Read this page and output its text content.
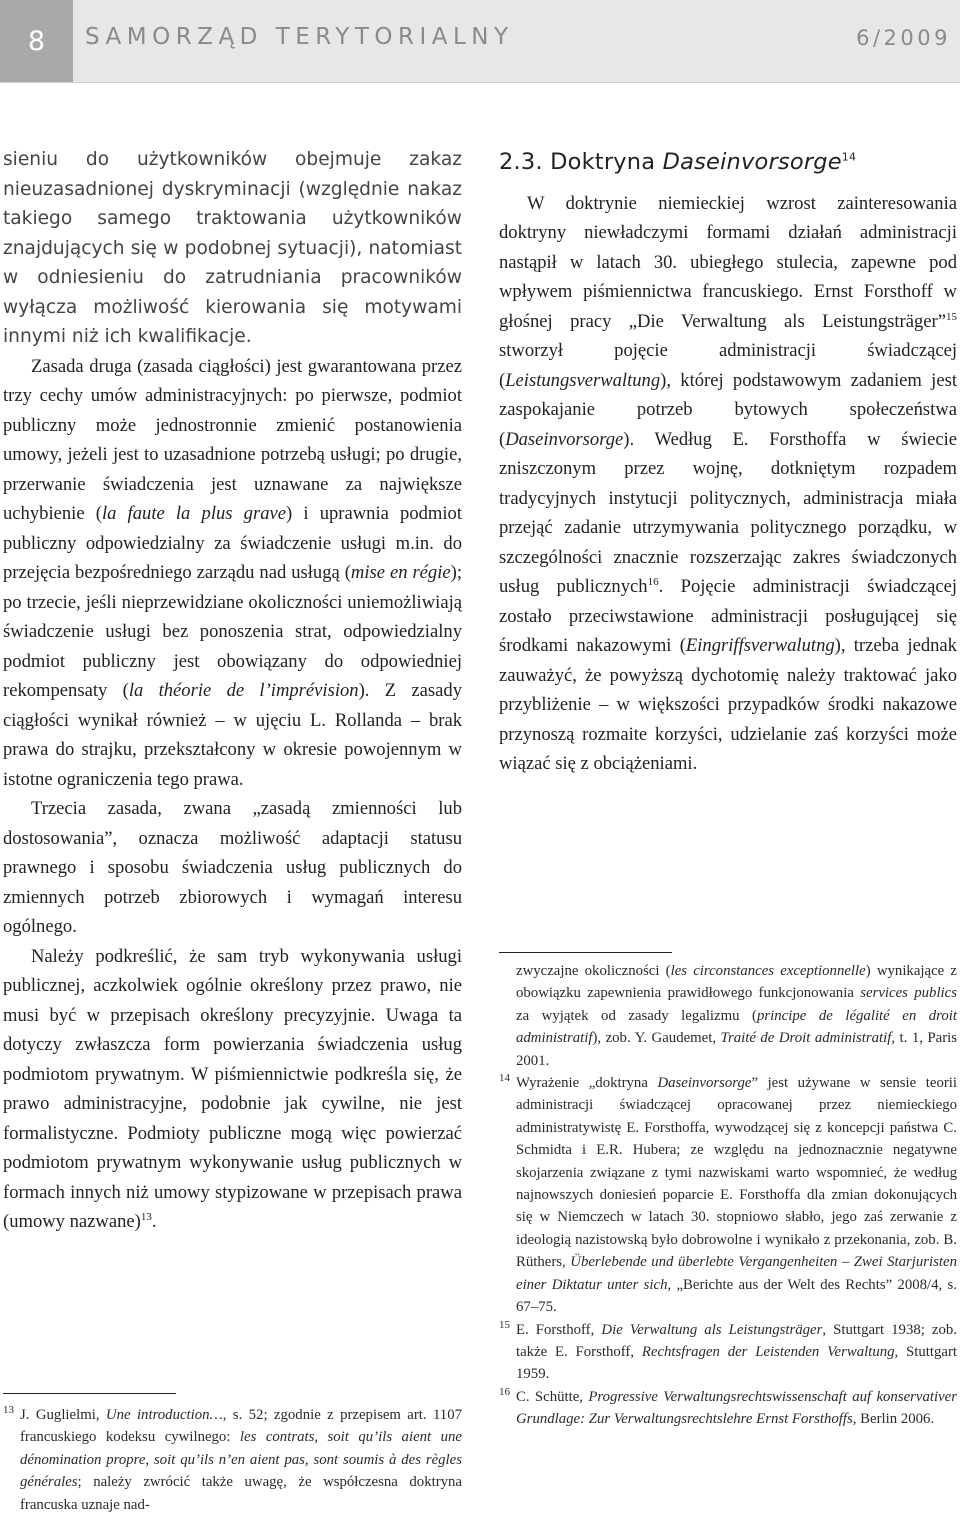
8	SAMORZĄD TERYTORIALNY	6/2009

sieniu do użytkowników obejmuje zakaz nieuzasadnionej dyskryminacji (względnie nakaz takiego samego traktowania użytkowników znajdujących się w podobnej sytuacji), natomiast w odniesieniu do zatrudniania pracowników wyłącza możliwość kierowania się motywami innymi niż ich kwalifikacje.

Zasada druga (zasada ciągłości) jest gwarantowana przez trzy cechy umów administracyjnych: po pierwsze, podmiot publiczny może jednostronnie zmienić postanowienia umowy, jeżeli jest to uzasadnione potrzebą usługi; po drugie, przerwanie świadczenia jest uznawane za największe uchybienie (la faute la plus grave) i uprawnia podmiot publiczny odpowiedzialny za świadczenie usługi m.in. do przejęcia bezpośredniego zarządu nad usługą (mise en régie); po trzecie, jeśli nieprzewidziane okoliczności uniemożliwiają świadczenie usługi bez ponoszenia strat, odpowiedzialny podmiot publiczny jest obowiązany do odpowiedniej rekompensaty (la théorie de l’imprévision). Z zasady ciągłości wynikał również – w ujęciu L. Rollanda – brak prawa do strajku, przekształcony w okresie powojennym w istotne ograniczenia tego prawa.

Trzecia zasada, zwana „zasadą zmienności lub dostosowania”, oznacza możliwość adaptacji statusu prawnego i sposobu świadczenia usług publicznych do zmiennych potrzeb zbiorowych i wymagań interesu ogólnego.

Należy podkreślić, że sam tryb wykonywania usługi publicznej, aczkolwiek ogólnie określony przez prawo, nie musi być w przepisach określony precyzyjnie. Uwaga ta dotyczy zwłaszcza form powierzania świadczenia usług podmiotom prywatnym. W piśmiennictwie podkreśla się, że prawo administracyjne, podobnie jak cywilne, nie jest formalistyczne. Podmioty publiczne mogą więc powierzać podmiotom prywatnym wykonywanie usług publicznych w formach innych niż umowy stypizowane w przepisach prawa (umowy nazwane)$^{13}$.

13 J. Guglielmi, Une introduction…, s. 52; zgodnie z przepisem art. 1107 francuskiego kodeksu cywilnego: les contrats, soit qu’ils aient une dénomination propre, soit qu’ils n’en aient pas, sont soumis à des règles générales; należy zwrócić także uwagę, że współczesna doktryna francuska uznaje nad-

2.3. Doktryna Daseinvorsorge$^{14}$

W doktrynie niemieckiej wzrost zainteresowania doktryny niewładczymi formami działań administracji nastąpił w latach 30. ubiegłego stulecia, zapewne pod wpływem piśmiennictwa francuskiego. Ernst Forsthoff w głośnej pracy „Die Verwaltung als Leistungsträger”$^{15}$ stworzył pojęcie administracji świadczącej (Leistungsverwaltung), której podstawowym zadaniem jest zaspokajanie potrzeb bytowych społeczeństwa (Daseinvorsorge). Według E. Forsthoffa w świecie zniszczonym przez wojnę, dotkniętym rozpadem tradycyjnych instytucji politycznych, administracja miała przejąć zadanie utrzymywania politycznego porządku, w szczególności znacznie rozszerzając zakres świadczonych usług publicznych$^{16}$. Pojęcie administracji świadczącej zostało przeciwstawione administracji posługującej się środkami nakazowymi (Eingriffsverwalutng), trzeba jednak zauważyć, że powyższą dychotomię należy traktować jako przybliżenie – w większości przypadków środki nakazowe przynoszą rozmaite korzyści, udzielanie zaś korzyści może wiązać się z obciążeniami.

zwyczajne okoliczności (les circonstances exceptionnelle) wynikające z obowiązku zapewnienia prawidłowego funkcjonowania services publics za wyjątek od zasady legalizmu (principe de légalité en droit administratif), zob. Y. Gaudemet, Traité de Droit administratif, t. 1, Paris 2001.

14 Wyrażenie „doktryna Daseinvorsorge” jest używane w sensie teorii administracji świadczącej opracowanej przez niemieckiego administratywistę E. Forsthoffa, wywodzącej się z koncepcji państwa C. Schmidta i E.R. Hubera; ze względu na jednoznacznie negatywne skojarzenia związane z tymi nazwiskami warto wspomnieć, że według najnowszych doniesień poparcie E. Forsthoffa dla zmian dokonujących się w Niemczech w latach 30. stopniowo słabło, jego zaś zerwanie z ideologią nazistowską było dobrowolne i wynikało z przekonania, zob. B. Rüthers, Überlebende und überlebte Vergangenheiten – Zwei Starjuristen einer Diktatur unter sich, „Berichte aus der Welt des Rechts” 2008/4, s. 67–75.

15 E. Forsthoff, Die Verwaltung als Leistungsträger, Stuttgart 1938; zob. także E. Forsthoff, Rechtsfragen der Leistenden Verwaltung, Stuttgart 1959.

16 C. Schütte, Progressive Verwaltungsrechtswissenschaft auf konservativer Grundlage: Zur Verwaltungsrechtslehre Ernst Forsthoffs, Berlin 2006.
